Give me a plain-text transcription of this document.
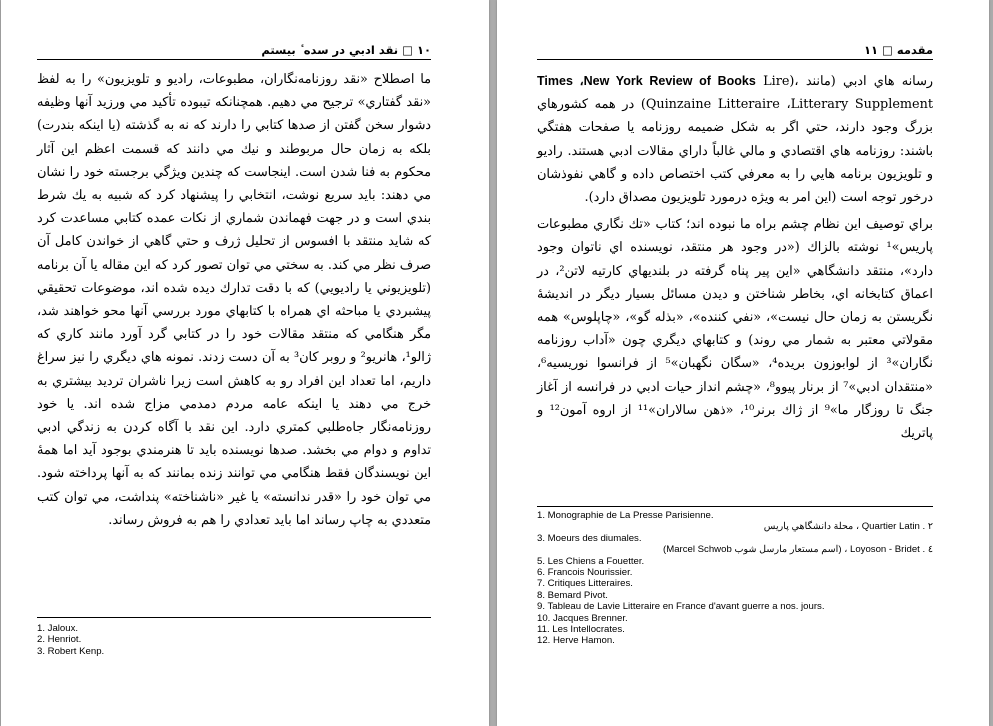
١٠ □ نقد ادبي در سده ٔ بيستم

ما اصطلاح «نقد روزنامه‌نگاران، مطبوعات، راديو و تلويزيون» را به لفظ «نقد گفتاري» ترجيح مي دهيم. همچنانكه تيبوده تأكيد مي ورزيد آنها وظيفه دشوار سخن گفتن از صدها كتابي را دارند كه نه به گذشته (يا اينكه بندرت) بلكه به زمان حال مربوطند و نيك مي دانند كه قسمت اعظم اين آثار محكوم به فنا شدن است. اينجاست كه چندين ويژگي برجسته خود را نشان مي دهند: بايد سريع نوشت، انتخابي را پيشنهاد كرد كه شبيه به يك شرط بندي است و در جهت فهماندن شماري از نكات عمده كتابي مساعدت كرد كه شايد منتقد با افسوس از تحليل ژرف و حتي گاهي از خواندن كامل آن صرف نظر مي كند. به سختي مي توان تصور كرد كه اين مقاله يا آن برنامه (تلويزيوني يا راديويي) كه با دقت تدارك ديده شده اند، موضوعات تحقيقي پيشبردي يا مباحثه اي همراه با كتابهاي مورد بررسي آنها محو خواهند شد، مگر هنگامي كه منتقد مقالات خود را در كتابي گرد آورد مانند كاري كه ژالو¹، هانريو² و روبر كان³ به آن دست زدند. نمونه هاي ديگري را نيز سراغ داريم، اما تعداد اين افراد رو به كاهش است زيرا ناشران ترديد بيشتري به خرج مي دهند يا اينكه عامه مردم دمدمي مزاج شده اند. يا خود روزنامه‌نگار جاه‌طلبي كمتري دارد. اين نقد با آگاه كردن به زندگي ادبي تداوم و دوام مي بخشد. صدها نويسنده بايد تا هنرمندي بوجود آيد اما همهٔ اين نويسندگان فقط هنگامي مي توانند زنده بمانند كه به آنها پرداخته شود. مي توان خود را «قدر ندانسته» يا غير «ناشناخته» پنداشت، مي توان كتب متعددي به چاپ رساند اما بايد تعدادي را هم به فروش رساند.

1. Jaloux.
2. Henriot.
3. Robert Kenp.
مقدمه □ ١١

رسانه هاي ادبي (مانند Times ،New York Review of Books Lire)، Quinzaine Litteraire ،Litterary Supplement) در همه كشورهاي بزرگ وجود دارند، حتي اگر به شكل ضميمه روزنامه يا صفحات هفتگي باشند: روزنامه هاي اقتصادي و مالي غالباً داراي مقالات ادبي هستند. راديو و تلويزيون برنامه هايي را به معرفي كتب اختصاص داده و گاهي نفوذشان درخور توجه است (اين امر به ويژه درمورد تلويزيون مصداق دارد).

براي توصيف اين نظام چشم براه ما نبوده اند؛ كتاب «تك نگاري مطبوعات پاريس»¹ نوشته بالزاك («در وجود هر منتقد، نويسنده اي ناتوان وجود دارد»، منتقد دانشگاهي «اين پير پناه گرفته در بلنديهاي كارتيه لاتن²، در اعماق كتابخانه اي، بخاطر شناختن و ديدن مسائل بسيار ديگر در انديشهٔ نگريستن به زمان حال نيست»، «نفي كننده»، «بذله گو»، «چاپلوس» همه مقولاتي معتبر به شمار مي روند) و كتابهاي ديگري چون «آداب روزنامه نگاران»³ از لوابوزون بريده⁴، «سگان نگهبان»⁵ از فرانسوا نوريسيه⁶، «منتقدان ادبي»⁷ از برنار پيوو⁸، «چشم انداز حيات ادبي در فرانسه از آغاز جنگ تا روزگار ما»⁹ از ژاك برنر¹⁰، «ذهن سالاران»¹¹ از اروه آمون¹² و پاتريك

1. Monographie de La Presse Parisienne.
٢ . Quartier Latin ، محلة دانشگاهي پاريس
3. Moeurs des diumales.
٤ . Loyoson - Bridet ، (اسم مستعار مارسل شوب Marcel Schwob)
5. Les Chiens a Fouetter.
6. Francois Nourissier.
7. Critiques Litteraires.
8. Bemard Pivot.
9. Tableau de Lavie Litteraire en France d'avant guerre a nos. jours.
10. Jacques Brenner.
11. Les Intellocrates.
12. Herve Hamon.
